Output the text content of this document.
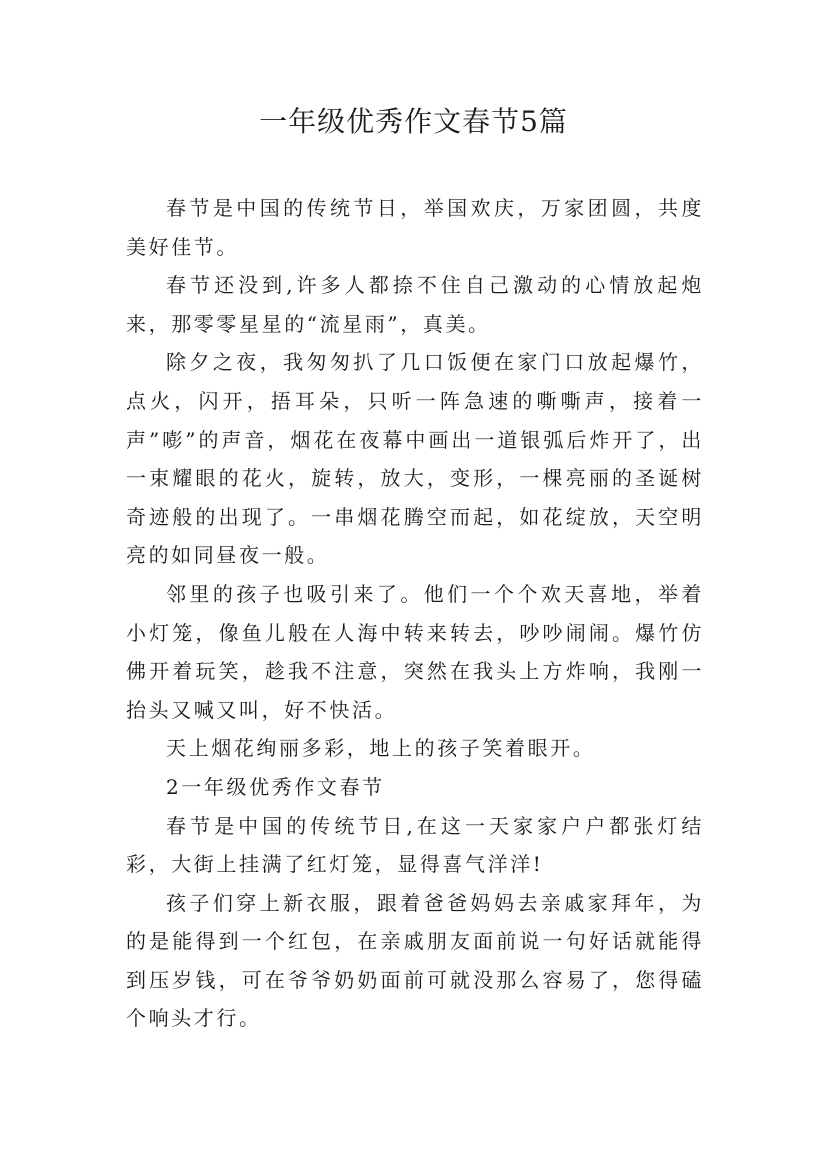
一年级优秀作文春节5篇

春节是中国的传统节日，举国欢庆，万家团圆，共度美好佳节。

春节还没到,许多人都捺不住自己激动的心情放起炮来，那零零星星的“流星雨”，真美。

除夕之夜，我匆匆扒了几口饭便在家门口放起爆竹，点火，闪开，捂耳朵，只听一阵急速的嘶嘶声，接着一声”嘭”的声音，烟花在夜幕中画出一道银弧后炸开了，出一束耀眼的花火，旋转，放大，变形，一棵亮丽的圣诞树奇迹般的出现了。一串烟花腾空而起，如花绽放，天空明亮的如同昼夜一般。

邻里的孩子也吸引来了。他们一个个欢天喜地，举着小灯笼，像鱼儿般在人海中转来转去，吵吵闹闹。爆竹仿佛开着玩笑，趁我不注意，突然在我头上方炸响，我刚一抬头又喊又叫，好不快活。

天上烟花绚丽多彩，地上的孩子笑着眼开。

2一年级优秀作文春节

春节是中国的传统节日,在这一天家家户户都张灯结彩，大街上挂满了红灯笼，显得喜气洋洋!

孩子们穿上新衣服，跟着爸爸妈妈去亲戚家拜年，为的是能得到一个红包，在亲戚朋友面前说一句好话就能得到压岁钱，可在爷爷奶奶面前可就没那么容易了，您得磕个响头才行。
